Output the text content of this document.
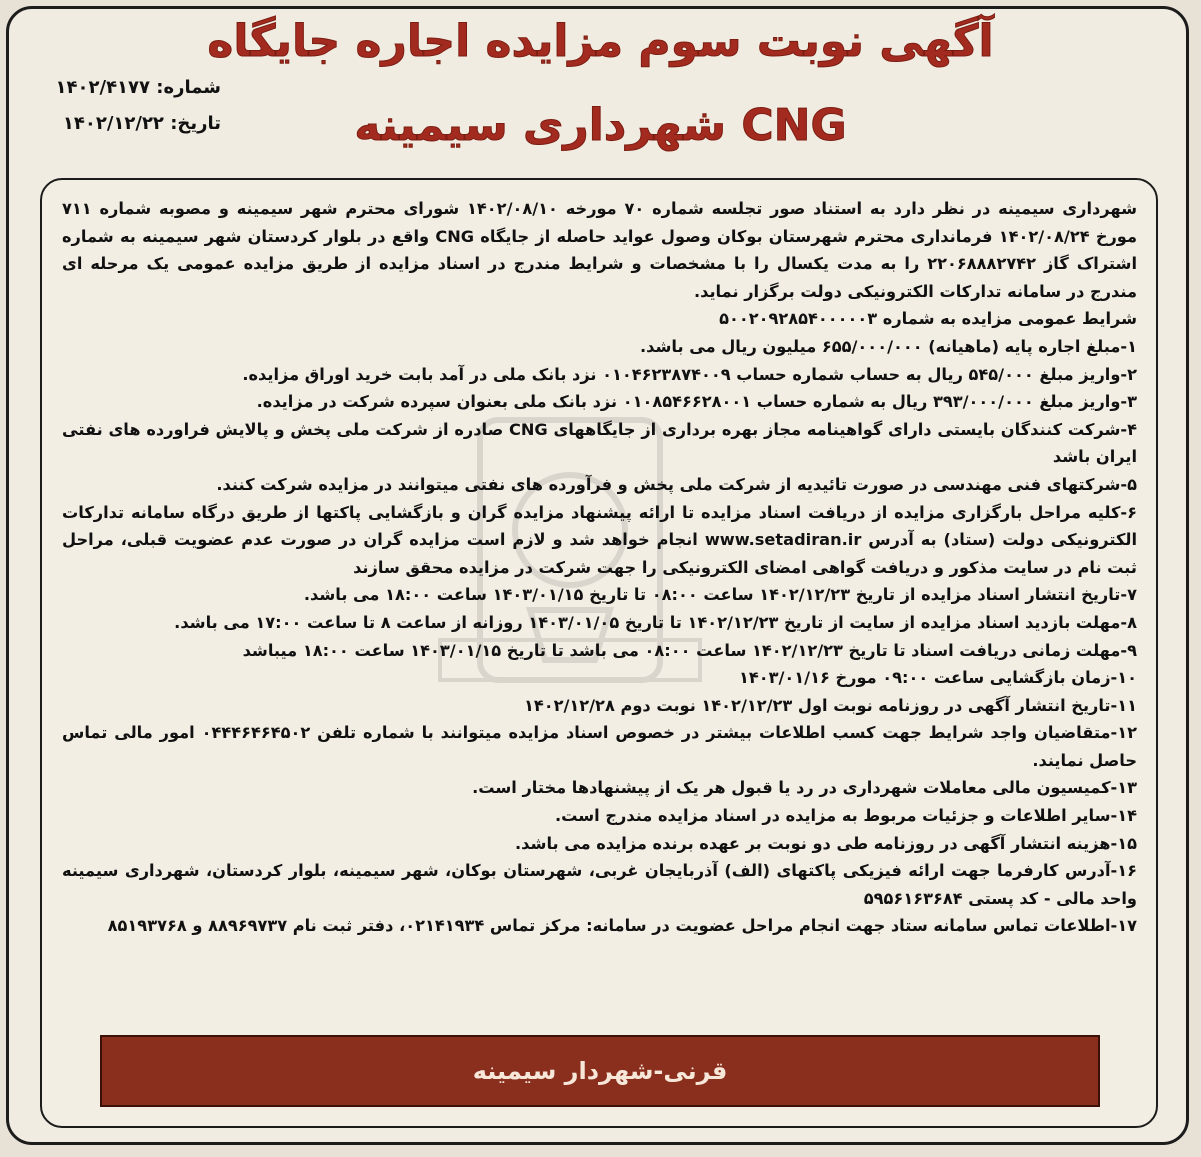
آگهی نوبت سوم مزایده اجاره جایگاه
CNG شهرداری سیمینه
شماره: ۱۴۰۲/۴۱۷۷
تاریخ: ۱۴۰۲/۱۲/۲۲

شهرداری سیمینه در نظر دارد به استناد صور تجلسه شماره ۷۰ مورخه ۱۴۰۲/۰۸/۱۰ شورای محترم شهر سیمینه و مصوبه شماره ۷۱۱ مورخ ۱۴۰۲/۰۸/۲۴ فرمانداری محترم شهرستان بوکان وصول عواید حاصله از جایگاه CNG واقع در بلوار کردستان شهر سیمینه به شماره اشتراک گاز ۲۲۰۶۸۸۸۲۷۴۲ را به مدت یکسال را با مشخصات و شرایط مندرج در اسناد مزایده از طریق مزایده عمومی یک مرحله ای مندرج در سامانه تدارکات الکترونیکی دولت برگزار نماید.

شرایط عمومی مزایده به شماره ۵۰۰۲۰۹۲۸۵۴۰۰۰۰۰۳

۱-مبلغ اجاره پایه (ماهیانه) ۶۵۵/۰۰۰/۰۰۰ میلیون ریال می باشد.

۲-واریز مبلغ ۵۴۵/۰۰۰ ریال به حساب شماره حساب ۰۱۰۴۶۲۳۸۷۴۰۰۹ نزد بانک ملی در آمد بابت خرید اوراق مزایده.

۳-واریز مبلغ ۳۹۳/۰۰۰/۰۰۰ ریال به شماره حساب ۰۱۰۸۵۴۶۶۲۸۰۰۱ نزد بانک ملی بعنوان سپرده شرکت در مزایده.

۴-شرکت کنندگان بایستی دارای گواهینامه مجاز بهره برداری از جایگاههای CNG صادره از شرکت ملی پخش و پالایش فراورده های نفتی ایران باشد

۵-شرکتهای فنی مهندسی در صورت تائیدیه از شرکت ملی پخش و فرآورده های نفتی میتوانند در مزایده شرکت کنند.

۶-کلیه مراحل بارگزاری مزایده از دریافت اسناد مزایده تا ارائه پیشنهاد مزایده گران و بازگشایی پاکتها از طریق درگاه سامانه تدارکات الکترونیکی دولت (ستاد) به آدرس www.setadiran.ir انجام خواهد شد و لازم است مزایده گران در صورت عدم عضویت قبلی، مراحل ثبت نام در سایت مذکور و دریافت گواهی امضای الکترونیکی را جهت شرکت در مزایده محقق سازند

۷-تاریخ انتشار اسناد مزایده از تاریخ ۱۴۰۲/۱۲/۲۳ ساعت ۰۸:۰۰ تا تاریخ ۱۴۰۳/۰۱/۱۵ ساعت ۱۸:۰۰ می باشد.

۸-مهلت بازدید اسناد مزایده از سایت از تاریخ ۱۴۰۲/۱۲/۲۳ تا تاریخ ۱۴۰۳/۰۱/۰۵ روزانه از ساعت ۸ تا ساعت ۱۷:۰۰ می باشد.

۹-مهلت زمانی دریافت اسناد تا تاریخ ۱۴۰۲/۱۲/۲۳ ساعت ۰۸:۰۰ می باشد تا تاریخ ۱۴۰۳/۰۱/۱۵ ساعت ۱۸:۰۰ میباشد

۱۰-زمان بازگشایی ساعت ۰۹:۰۰ مورخ ۱۴۰۳/۰۱/۱۶

۱۱-تاریخ انتشار آگهی در روزنامه نوبت اول ۱۴۰۲/۱۲/۲۳ نوبت دوم ۱۴۰۲/۱۲/۲۸

۱۲-متقاضیان واجد شرایط جهت کسب اطلاعات بیشتر در خصوص اسناد مزایده میتوانند با شماره تلفن ۰۴۴۴۶۴۶۴۵۰۲ امور مالی تماس حاصل نمایند.

۱۳-کمیسیون مالی معاملات شهرداری در رد یا قبول هر یک از پیشنهادها مختار است.

۱۴-سایر اطلاعات و جزئیات مربوط به مزایده در اسناد مزایده مندرج است.

۱۵-هزینه انتشار آگهی در روزنامه طی دو نوبت بر عهده برنده مزایده می باشد.

۱۶-آدرس کارفرما جهت ارائه فیزیکی پاکتهای (الف) آذربایجان غربی، شهرستان بوکان، شهر سیمینه، بلوار کردستان، شهرداری سیمینه واحد مالی - کد پستی ۵۹۵۶۱۶۳۶۸۴

۱۷-اطلاعات تماس سامانه ستاد جهت انجام مراحل عضویت در سامانه: مرکز تماس ۰۲۱۴۱۹۳۴، دفتر ثبت نام ۸۸۹۶۹۷۳۷ و ۸۵۱۹۳۷۶۸

قرنی-شهردار سیمینه
